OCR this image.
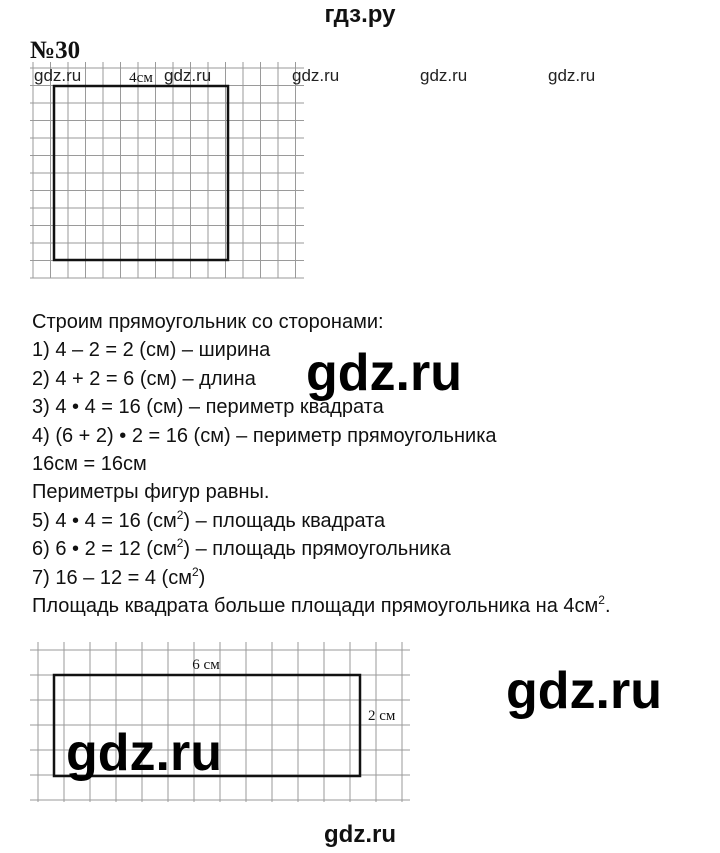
гдз.ру
№30
4см
gdz.ru	gdz.ru	gdz.ru	gdz.ru	gdz.ru
Строим прямоугольник со сторонами:
1) 4 – 2 = 2 (см) – ширина
2) 4 + 2 = 6 (см) – длина
3) 4 • 4 = 16 (см) – периметр квадрата
4) (6 + 2) • 2 = 16 (см) – периметр прямоугольника
16см = 16см
Периметры фигур равны.
5) 4 • 4 = 16 $(см^2)$ – площадь квадрата
6) 6 • 2 = 12 $(см^2)$ – площадь прямоугольника
7) 16 – 12 = 4 $(см^2)$
Площадь квадрата больше площади прямоугольника на $4см^2$.
gdz.ru
6 см
2 см gdz.ru
gdz.ru
gdz.ru
